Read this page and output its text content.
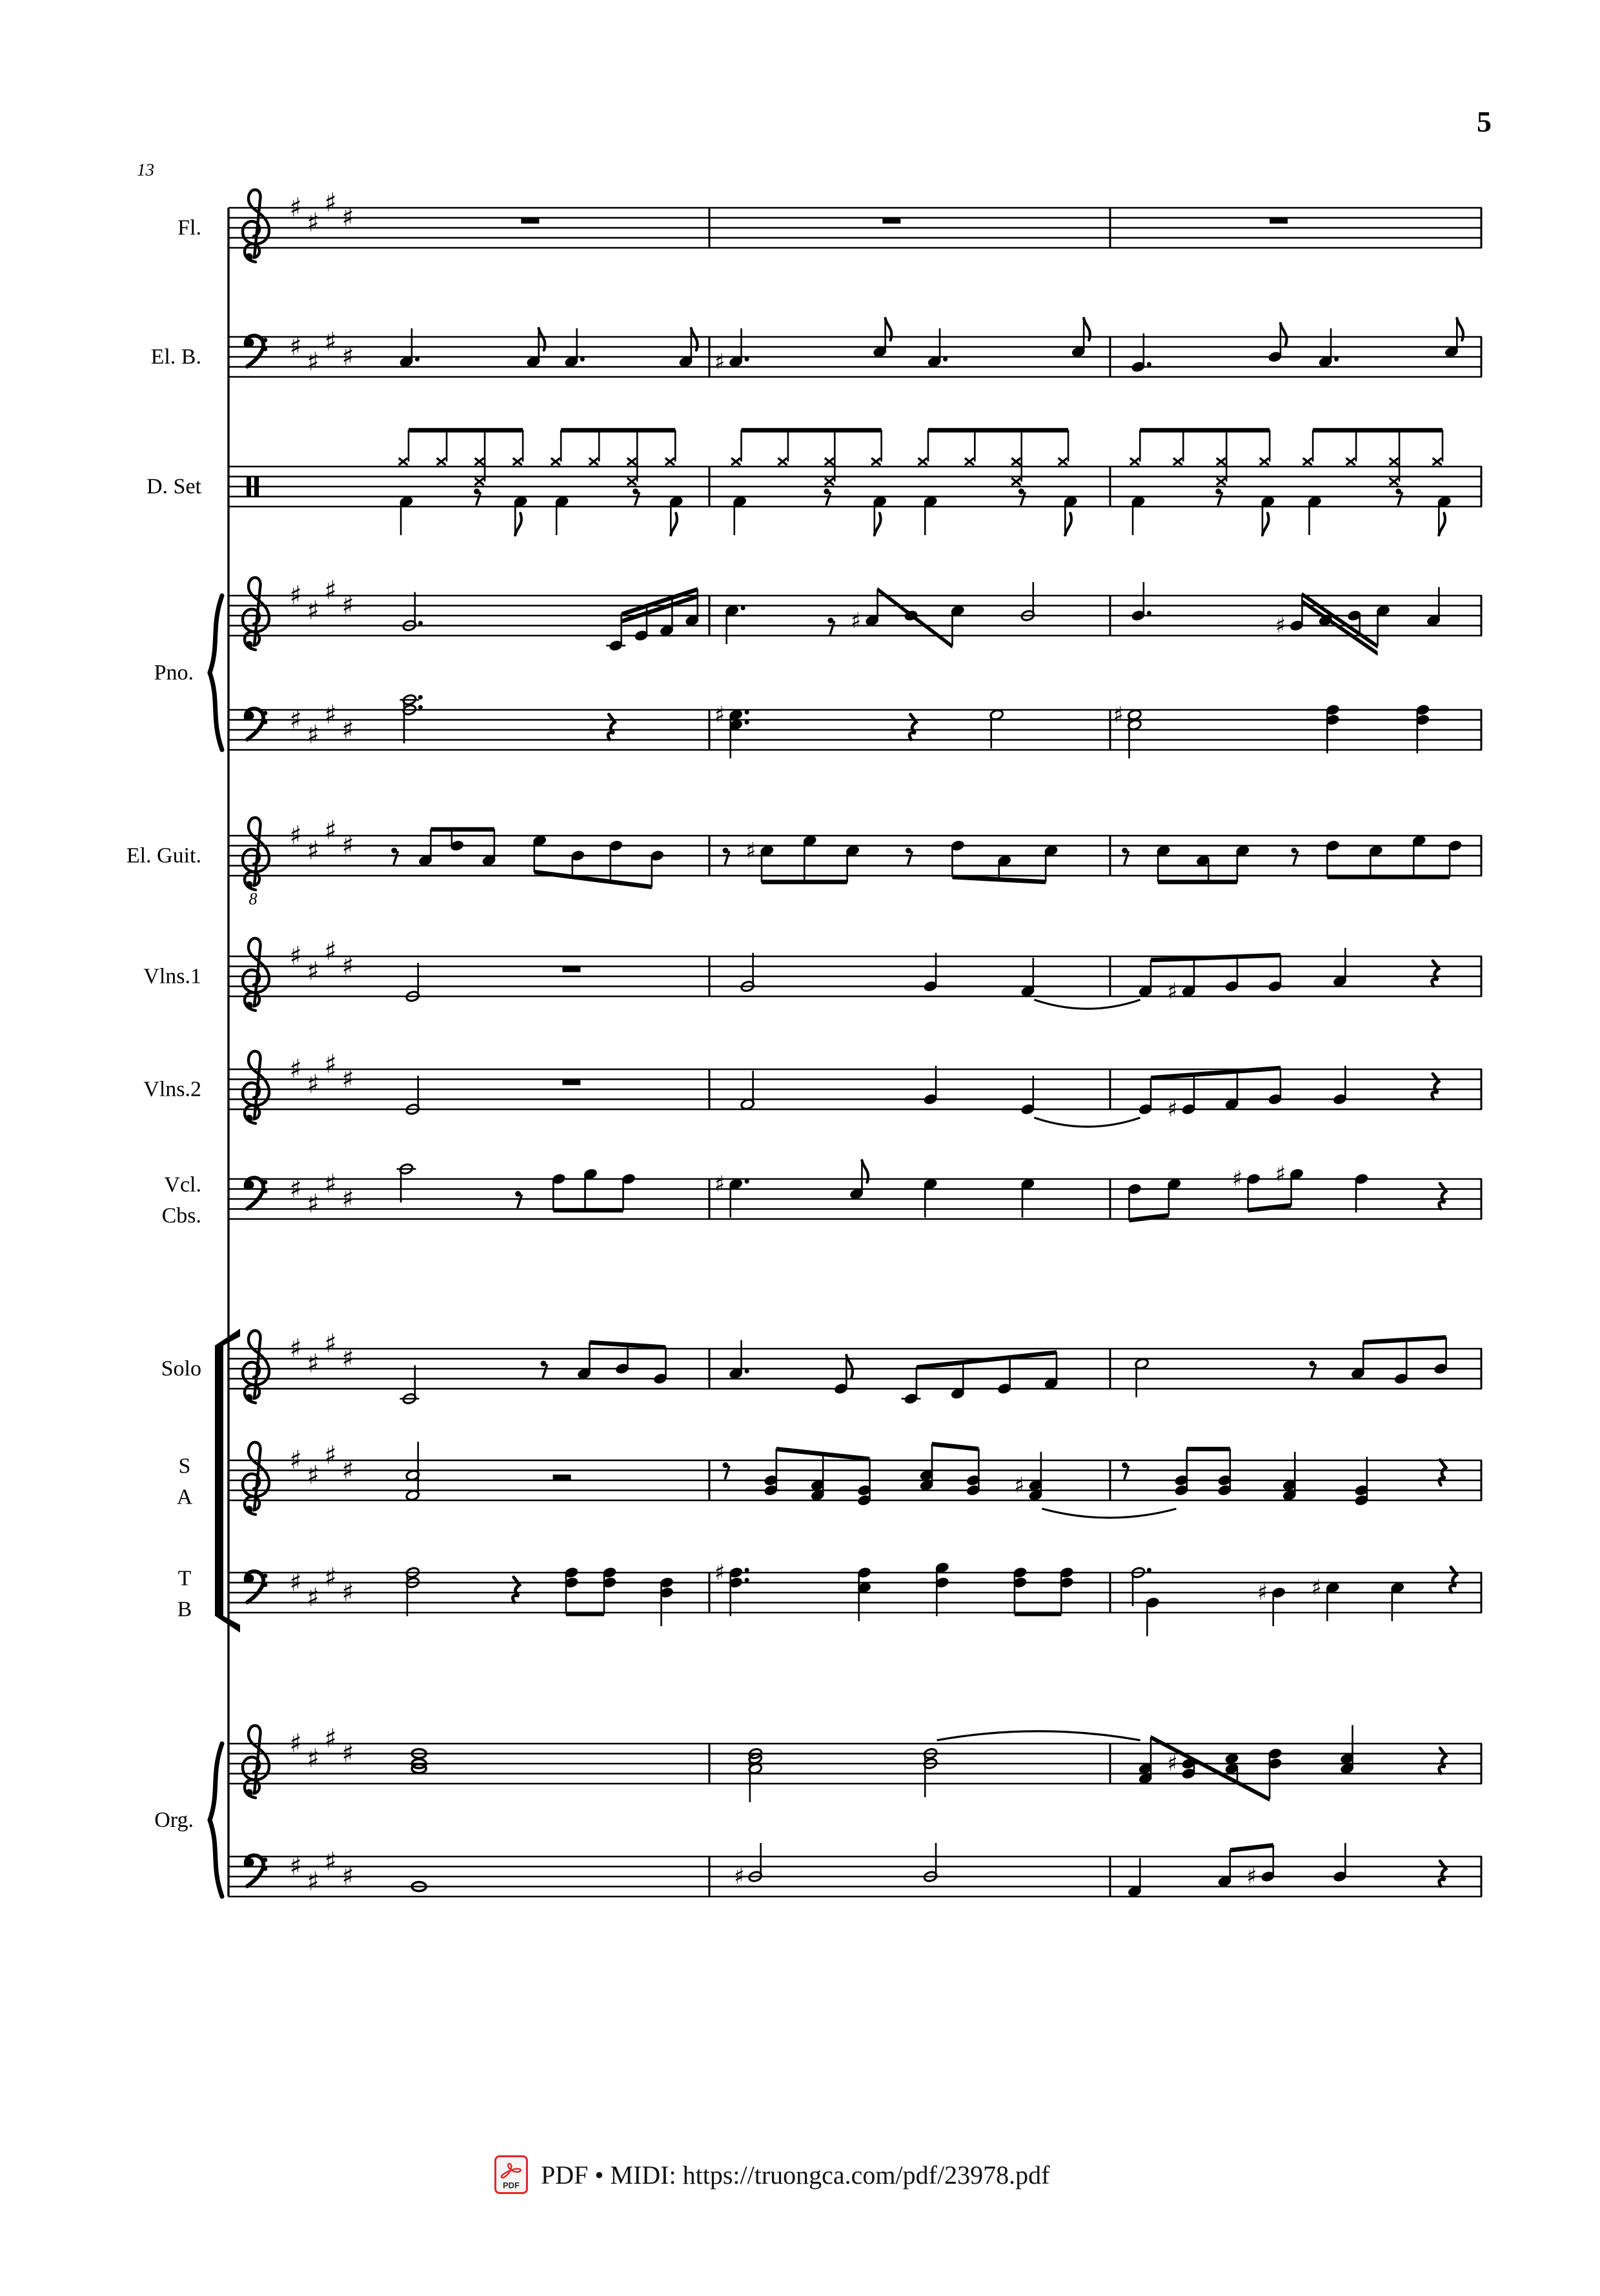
5
13
♯
♯
♯
♯
Fl.
♯
♯
♯
♯
El. B.	♯
D. Set
♯
♯
♯
♯
♯	♯
♯
♯
♯
♯
♯	♯
8
♯
♯
♯
♯
El. Guit.	♯
♯
♯
♯
♯
Vlns.1
♯
♯
♯
♯
♯
Vlns.2
♯
♯
♯
♯
♯
Vcl.
Cbs.
♯	♯ ♯
♯
♯
♯
♯
Solo
♯
♯
♯
♯
S
A	♯
♯
♯
♯
♯
T
B
♯
♯ ♯
♯
♯
♯
♯	♯
♯
♯
♯
♯	♯	♯
Pno.
Org.
PDF PDF • MIDI: https://truongca.com/pdf/23978.pdf
